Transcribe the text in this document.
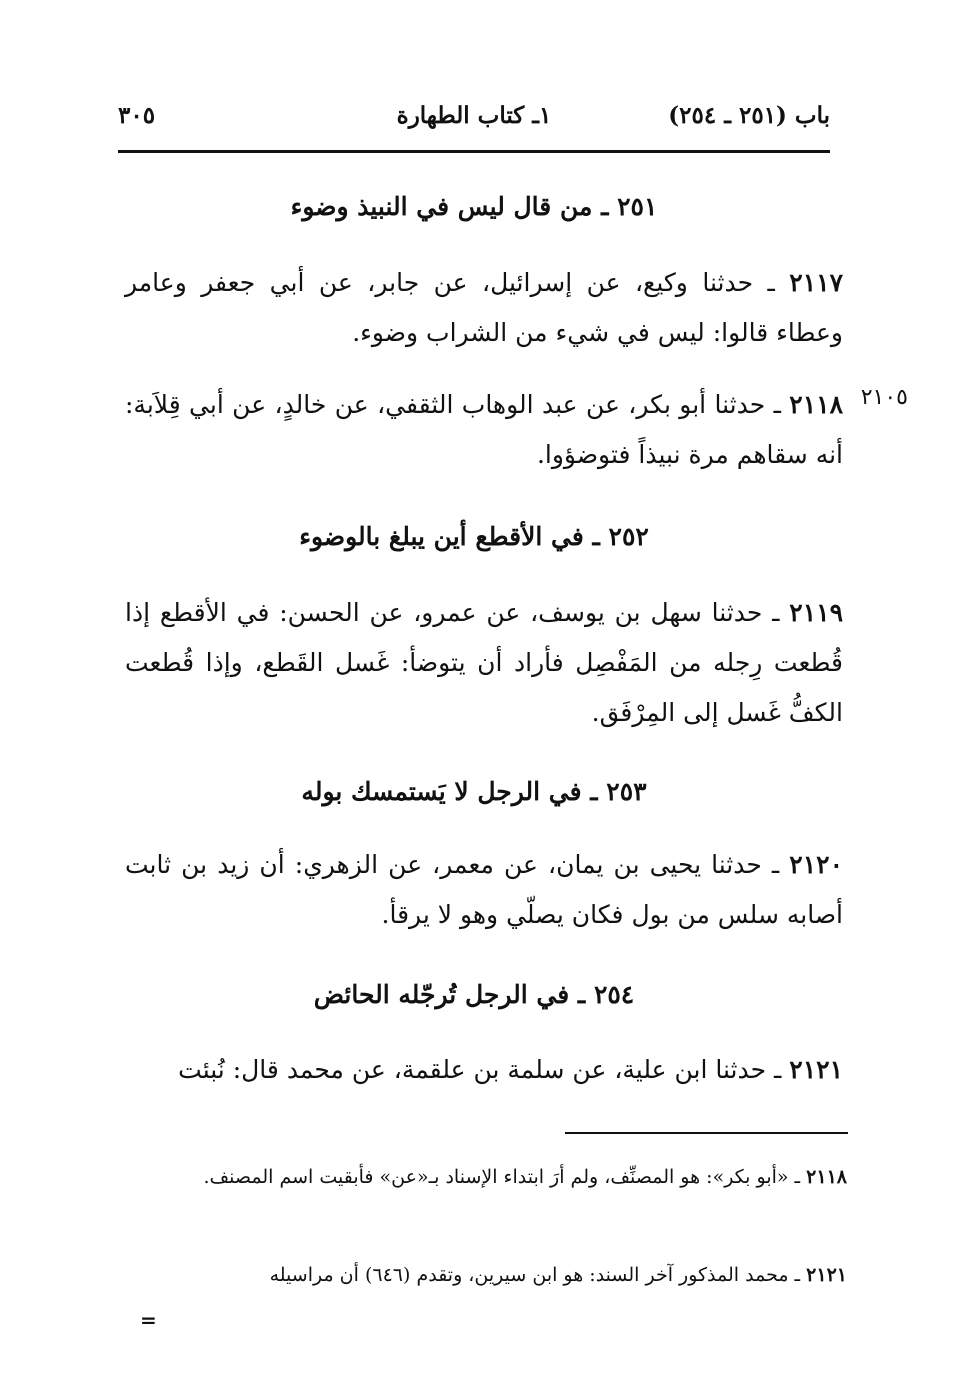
٣٠٥	١ـ كتاب الطهارة	باب (٢٥١ ـ ٢٥٤)
٢٥١ ـ من قال ليس في النبيذ وضوء
٢١١٧ ـ حدثنا وكيع، عن إسرائيل، عن جابر، عن أبي جعفر وعامر وعطاء قالوا: ليس في شيء من الشراب وضوء.
٢١١٨ ـ حدثنا أبو بكر، عن عبد الوهاب الثقفي، عن خالدٍ، عن أبي قِلاَبة: أنه سقاهم مرة نبيذاً فتوضؤوا.
٢١٠٥
٢٥٢ ـ في الأقطع أين يبلغ بالوضوء
٢١١٩ ـ حدثنا سهل بن يوسف، عن عمرو، عن الحسن: في الأقطع إذا قُطعت رِجله من المَفْصِل فأراد أن يتوضأ: غَسل القَطع، وإذا قُطعت الكفُّ غَسل إلى المِرْفَق.
٢٥٣ ـ في الرجل لا يَستمسك بوله
٢١٢٠ ـ حدثنا يحيى بن يمان، عن معمر، عن الزهري: أن زيد بن ثابت أصابه سلس من بول فكان يصلّي وهو لا يرقأ.
٢٥٤ ـ في الرجل تُرجّله الحائض
٢١٢١ ـ حدثنا ابن علية، عن سلمة بن علقمة، عن محمد قال: نُبئت
٢١١٨ ـ «أبو بكر»: هو المصنِّف، ولم أرَ ابتداء الإسناد بـ«عن» فأبقيت اسم المصنف.
٢١٢١ ـ محمد المذكور آخر السند: هو ابن سيرين، وتقدم (٦٤٦) أن مراسيله
=
